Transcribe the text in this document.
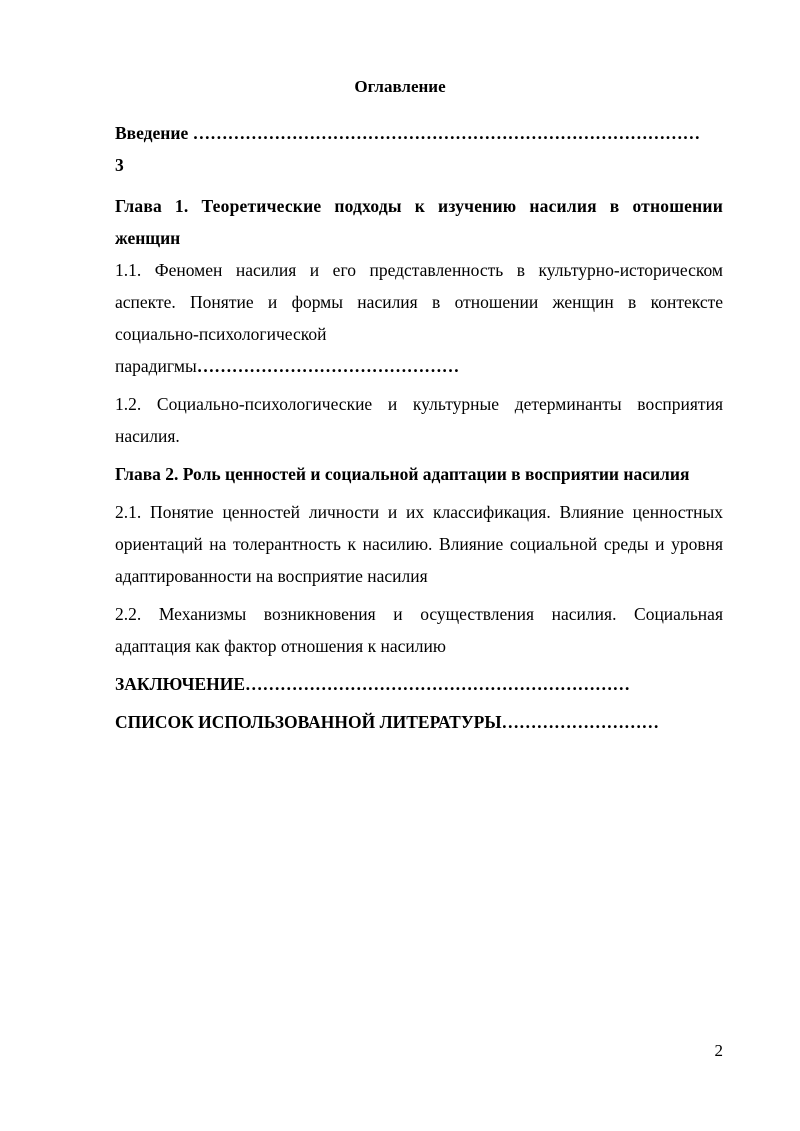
Оглавление
Введение ……………………………………………………………………………
3
Глава 1. Теоретические подходы к изучению насилия в отношении
женщин
1.1. Феномен насилия и его представленность в культурно-историческом
аспекте. Понятие и формы насилия в отношении женщин в контексте
социально-психологической
парадигмы………………………………………
1.2. Социально-психологические и культурные детерминанты восприятия насилия.
Глава 2. Роль ценностей и социальной адаптации в восприятии насилия
2.1. Понятие ценностей личности и их классификация. Влияние ценностных ориентаций на толерантность к насилию. Влияние социальной среды и уровня адаптированности на восприятие насилия
2.2. Механизмы возникновения и осуществления насилия. Социальная адаптация как фактор отношения к насилию
ЗАКЛЮЧЕНИЕ…………………………………………………………
СПИСОК ИСПОЛЬЗОВАННОЙ ЛИТЕРАТУРЫ………………………
2
